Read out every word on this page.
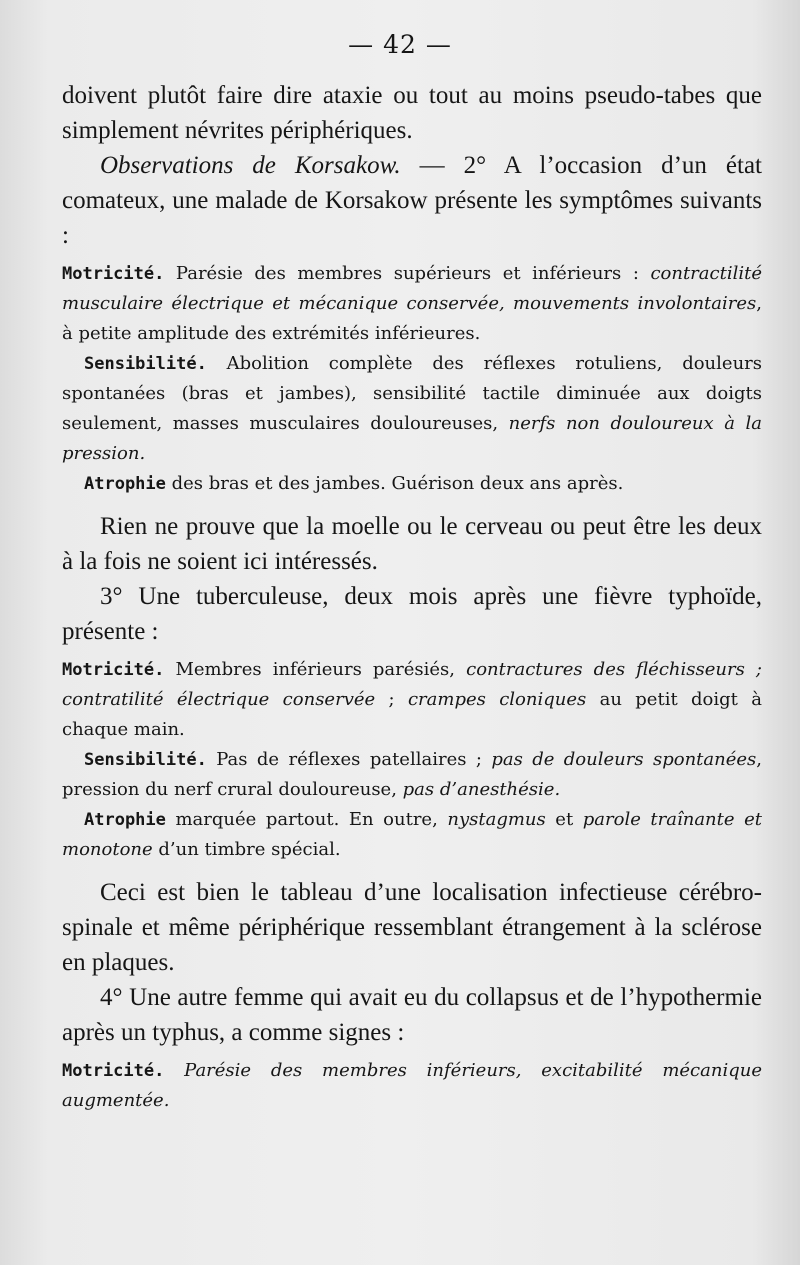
— 42 —

doivent plutôt faire dire ataxie ou tout au moins pseudo-tabes que simplement névrites périphériques.

Observations de Korsakow. — 2° A l’occasion d’un état comateux, une malade de Korsakow présente les symptômes suivants :

Motricité. Parésie des membres supérieurs et inférieurs : contractilité musculaire électrique et mécanique conservée, mouvements involontaires, à petite amplitude des extrémités inférieures.

Sensibilité. Abolition complète des réflexes rotuliens, douleurs spontanées (bras et jambes), sensibilité tactile diminuée aux doigts seulement, masses musculaires douloureuses, nerfs non douloureux à la pression.

Atrophie des bras et des jambes. Guérison deux ans après.

Rien ne prouve que la moelle ou le cerveau ou peut être les deux à la fois ne soient ici intéressés.

3° Une tuberculeuse, deux mois après une fièvre typhoïde, présente :

Motricité. Membres inférieurs parésiés, contractures des fléchisseurs ; contratilité électrique conservée ; crampes cloniques au petit doigt à chaque main.

Sensibilité. Pas de réflexes patellaires ; pas de douleurs spontanées, pression du nerf crural douloureuse, pas d’anesthésie.

Atrophie marquée partout. En outre, nystagmus et parole traînante et monotone d’un timbre spécial.

Ceci est bien le tableau d’une localisation infectieuse cérébro-spinale et même périphérique ressemblant étrangement à la sclérose en plaques.

4° Une autre femme qui avait eu du collapsus et de l’hypothermie après un typhus, a comme signes :

Motricité. Parésie des membres inférieurs, excitabilité mécanique augmentée.
